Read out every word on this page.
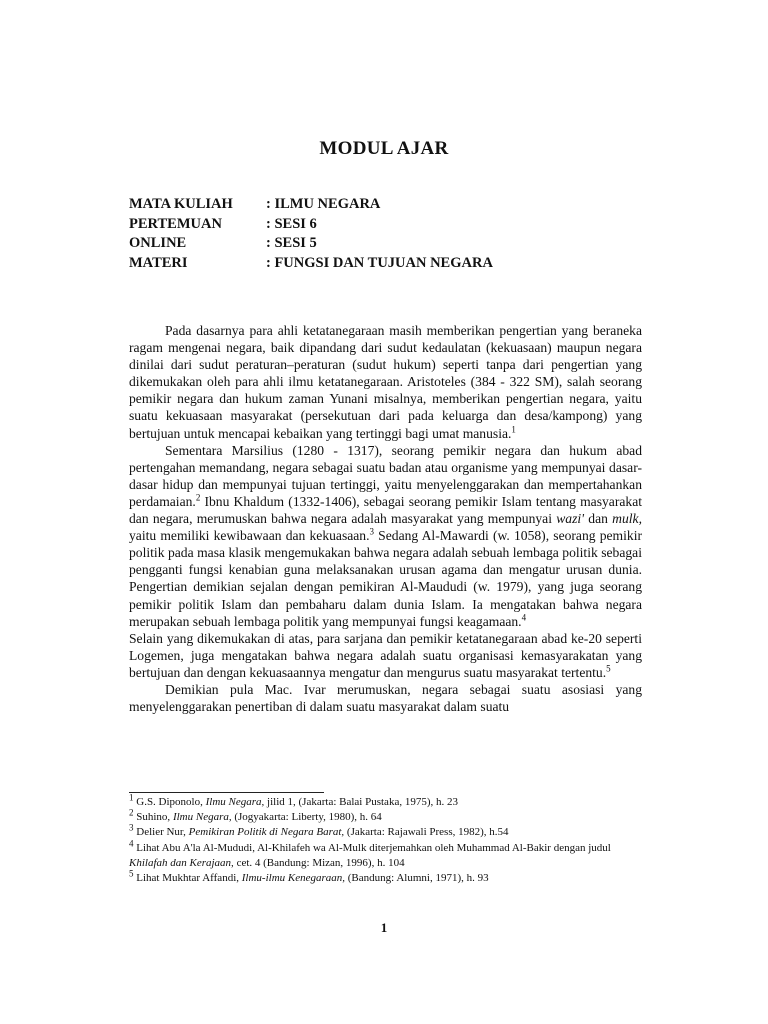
MODUL AJAR
MATA KULIAH : ILMU NEGARA
PERTEMUAN	: SESI 6
ONLINE	: SESI 5
MATERI	: FUNGSI DAN TUJUAN NEGARA

Pada dasarnya para ahli ketatanegaraan masih memberikan pengertian yang beraneka ragam mengenai negara, baik dipandang dari sudut kedaulatan (kekuasaan) maupun negara dinilai dari sudut peraturan–peraturan (sudut hukum) seperti tanpa dari pengertian yang dikemukakan oleh para ahli ilmu ketatanegaraan. Aristoteles (384 - 322 SM), salah seorang pemikir negara dan hukum zaman Yunani misalnya, memberikan pengertian negara, yaitu suatu kekuasaan masyarakat (persekutuan dari pada keluarga dan desa/kampong) yang bertujuan untuk mencapai kebaikan yang tertinggi bagi umat manusia.$^1$

Sementara Marsilius (1280 - 1317), seorang pemikir negara dan hukum abad pertengahan memandang, negara sebagai suatu badan atau organisme yang mempunyai dasar-dasar hidup dan mempunyai tujuan tertinggi, yaitu menyelenggarakan dan mempertahankan perdamaian.$^2$ Ibnu Khaldum (1332-1406), sebagai seorang pemikir Islam tentang masyarakat dan negara, merumuskan bahwa negara adalah masyarakat yang mempunyai wazi' dan mulk, yaitu memiliki kewibawaan dan kekuasaan.$^3$ Sedang Al-Mawardi (w. 1058), seorang pemikir politik pada masa klasik mengemukakan bahwa negara adalah sebuah lembaga politik sebagai pengganti fungsi kenabian guna melaksanakan urusan agama dan mengatur urusan dunia. Pengertian demikian sejalan dengan pemikiran Al-Maududi (w. 1979), yang juga seorang pemikir politik Islam dan pembaharu dalam dunia Islam. Ia mengatakan bahwa negara merupakan sebuah lembaga politik yang mempunyai fungsi keagamaan.$^4$

Selain yang dikemukakan di atas, para sarjana dan pemikir ketatanegaraan abad ke-20 seperti Logemen, juga mengatakan bahwa negara adalah suatu organisasi kemasyarakatan yang bertujuan dan dengan kekuasaannya mengatur dan mengurus suatu masyarakat tertentu.$^5$

Demikian pula Mac. Ivar merumuskan, negara sebagai suatu asosiasi yang menyelenggarakan penertiban di dalam suatu masyarakat dalam suatu

$^1$ G.S. Diponolo, Ilmu Negara, jilid 1, (Jakarta: Balai Pustaka, 1975), h. 23

$^2$ Suhino, Ilmu Negara, (Jogyakarta: Liberty, 1980), h. 64

$^3$ Delier Nur, Pemikiran Politik di Negara Barat, (Jakarta: Rajawali Press, 1982), h.54

$^4$ Lihat Abu A'la Al-Mududi, Al-Khilafeh wa Al-Mulk diterjemahkan oleh Muhammad Al-Bakir dengan judul Khilafah dan Kerajaan, cet. 4 (Bandung: Mizan, 1996), h. 104

$^5$ Lihat Mukhtar Affandi, Ilmu-ilmu Kenegaraan, (Bandung: Alumni, 1971), h. 93

1
